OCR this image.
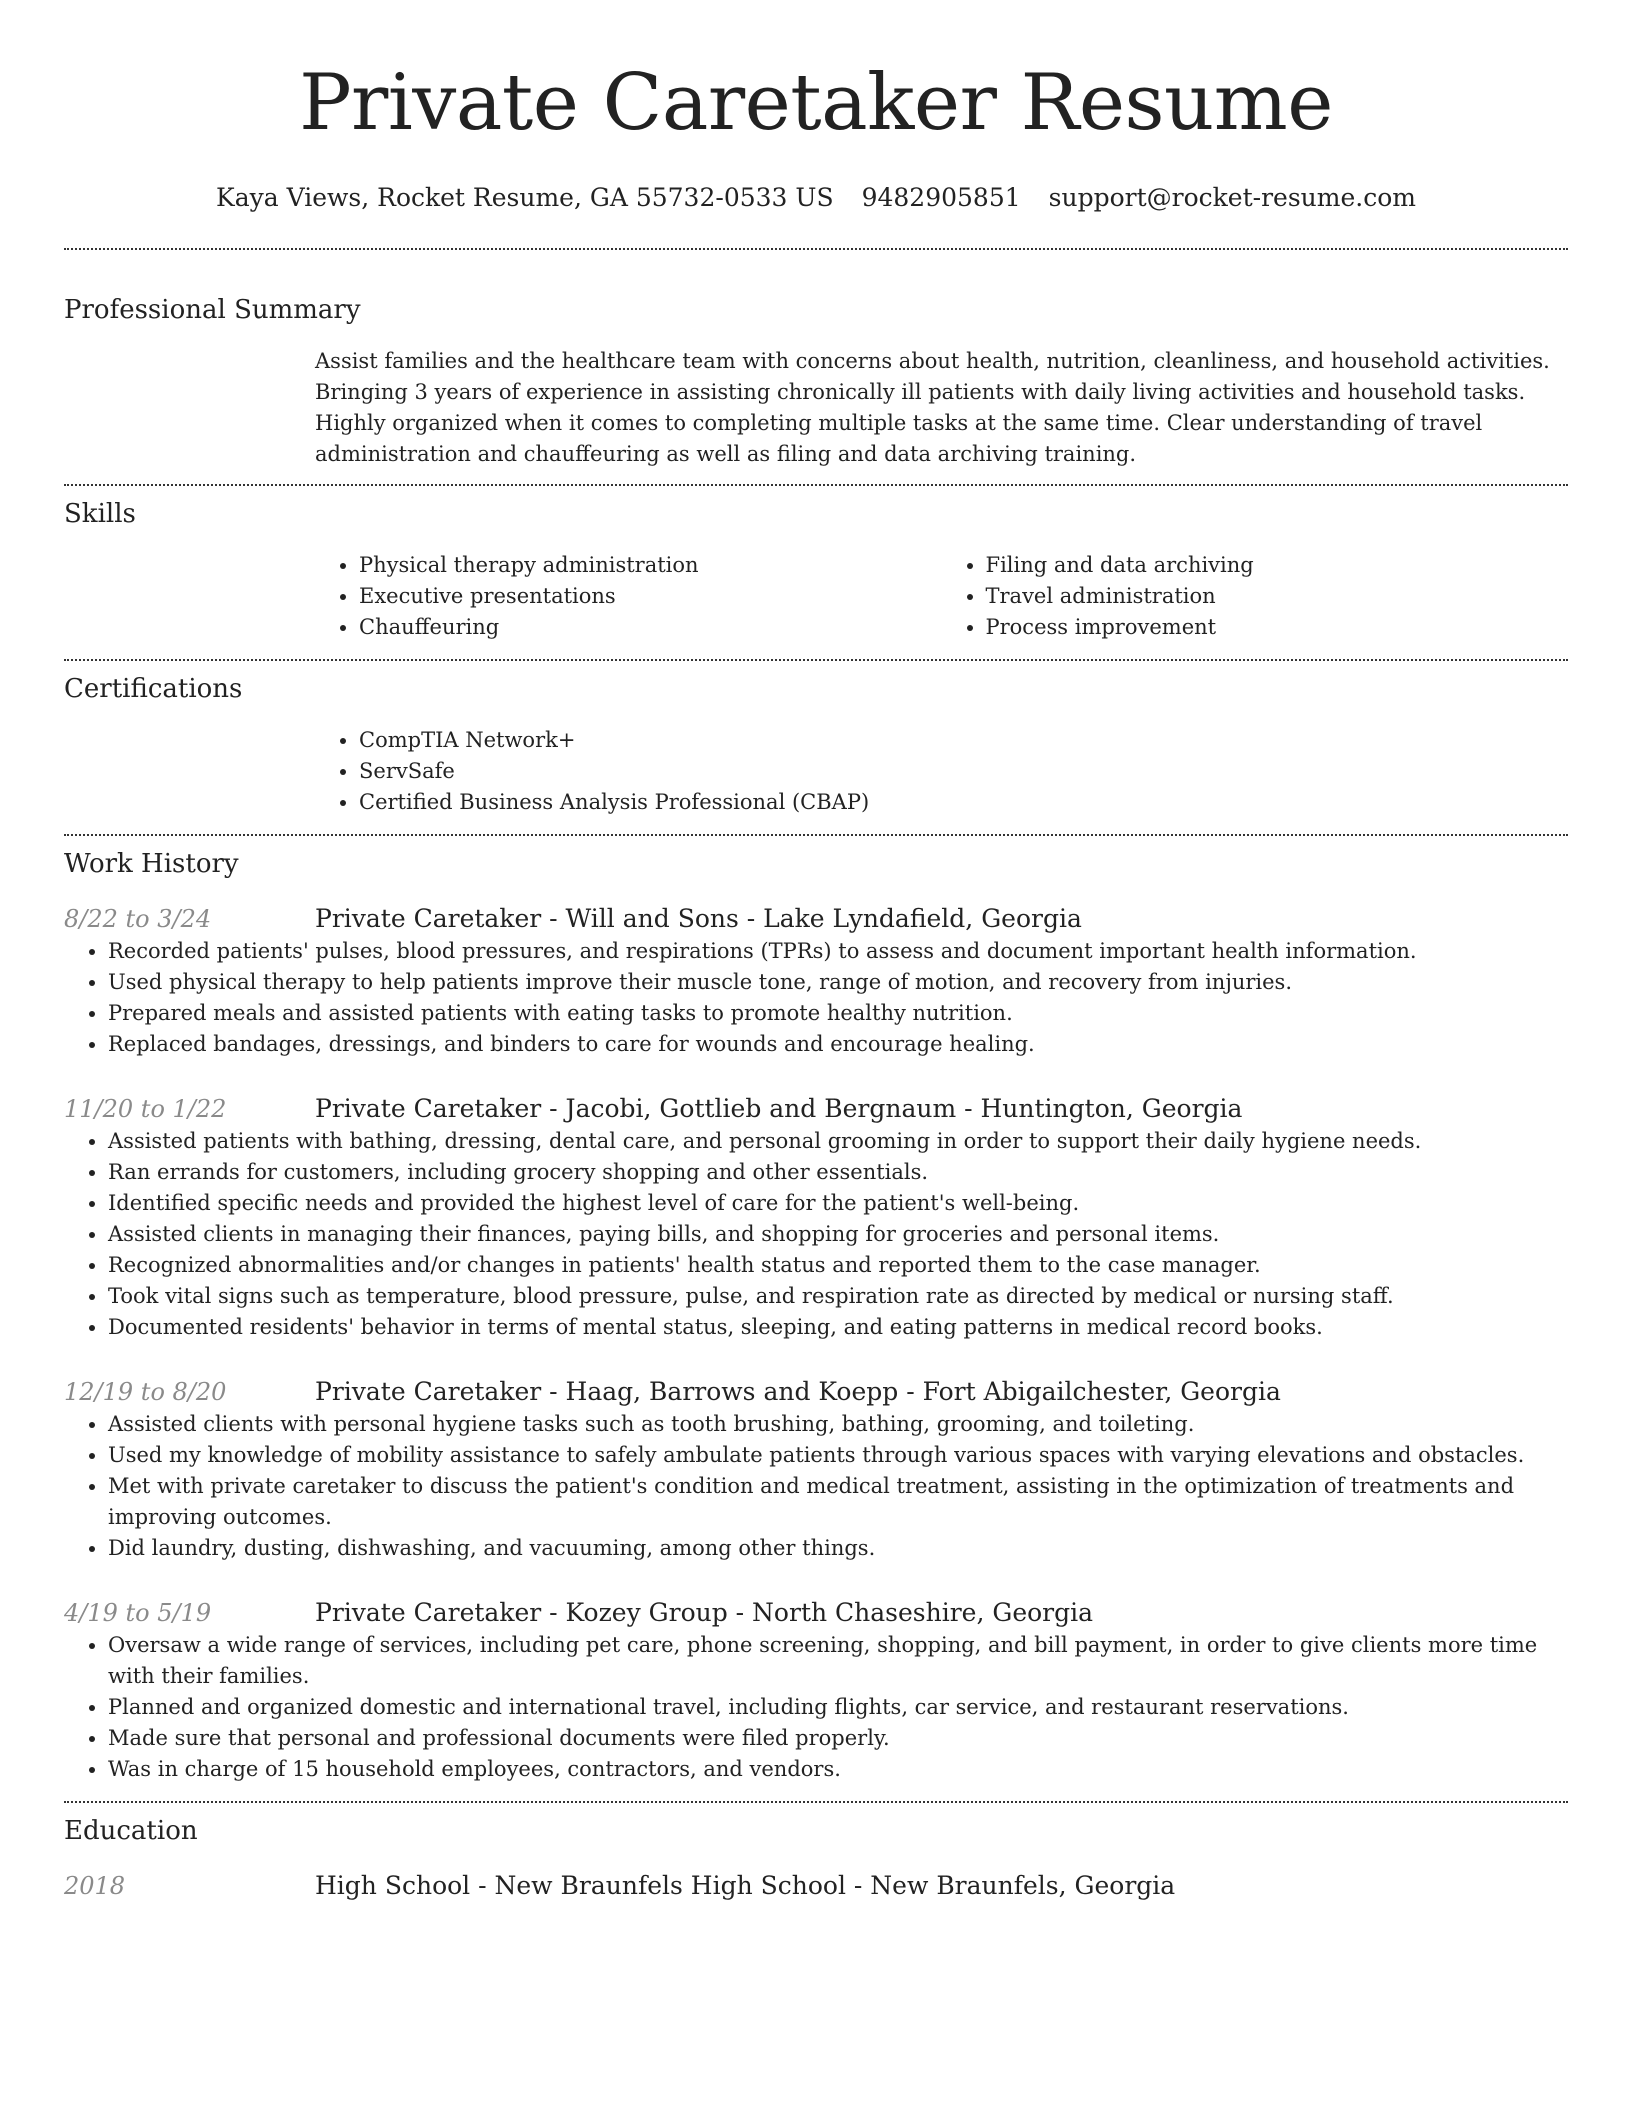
Private Caretaker Resume
Kaya Views, Rocket Resume, GA 55732-0533 US 9482905851 support@rocket-resume.com
Professional Summary

Assist families and the healthcare team with concerns about health, nutrition, cleanliness, and household activities. Bringing 3 years of experience in assisting chronically ill patients with daily living activities and household tasks. Highly organized when it comes to completing multiple tasks at the same time. Clear understanding of travel administration and chauffeuring as well as filing and data archiving training.

Skills
• Physical therapy administration
• Executive presentations
• Chauffeuring
• Filing and data archiving
• Travel administration
• Process improvement
Certifications
• CompTIA Network+
• ServSafe
• Certified Business Analysis Professional (CBAP)
Work History
8/22 to 3/24	Private Caretaker - Will and Sons - Lake Lyndafield, Georgia
• Recorded patients' pulses, blood pressures, and respirations (TPRs) to assess and document important health information.
• Used physical therapy to help patients improve their muscle tone, range of motion, and recovery from injuries.
• Prepared meals and assisted patients with eating tasks to promote healthy nutrition.
• Replaced bandages, dressings, and binders to care for wounds and encourage healing.
11/20 to 1/22	Private Caretaker - Jacobi, Gottlieb and Bergnaum - Huntington, Georgia
• Assisted patients with bathing, dressing, dental care, and personal grooming in order to support their daily hygiene needs.
• Ran errands for customers, including grocery shopping and other essentials.
• Identified specific needs and provided the highest level of care for the patient's well-being.
• Assisted clients in managing their finances, paying bills, and shopping for groceries and personal items.
• Recognized abnormalities and/or changes in patients' health status and reported them to the case manager.
• Took vital signs such as temperature, blood pressure, pulse, and respiration rate as directed by medical or nursing staff.
• Documented residents' behavior in terms of mental status, sleeping, and eating patterns in medical record books.
12/19 to 8/20	Private Caretaker - Haag, Barrows and Koepp - Fort Abigailchester, Georgia
• Assisted clients with personal hygiene tasks such as tooth brushing, bathing, grooming, and toileting.
• Used my knowledge of mobility assistance to safely ambulate patients through various spaces with varying elevations and obstacles.
• Met with private caretaker to discuss the patient's condition and medical treatment, assisting in the optimization of treatments and improving outcomes.
• Did laundry, dusting, dishwashing, and vacuuming, among other things.
4/19 to 5/19	Private Caretaker - Kozey Group - North Chaseshire, Georgia
• Oversaw a wide range of services, including pet care, phone screening, shopping, and bill payment, in order to give clients more time with their families.
• Planned and organized domestic and international travel, including flights, car service, and restaurant reservations.
• Made sure that personal and professional documents were filed properly.
• Was in charge of 15 household employees, contractors, and vendors.
Education
2018	High School - New Braunfels High School - New Braunfels, Georgia
